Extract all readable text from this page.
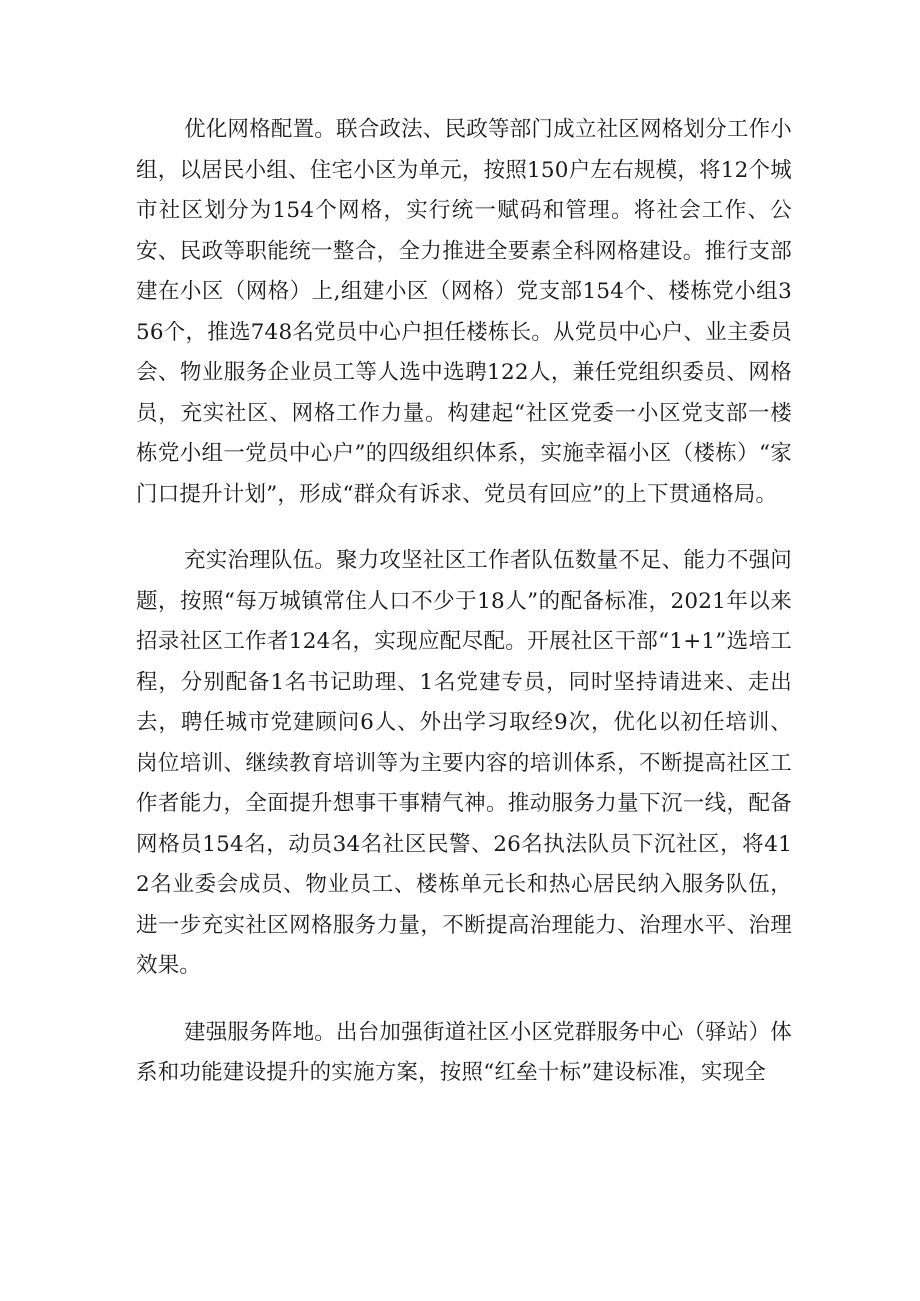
优化网格配置。联合政法、民政等部门成立社区网格划分工作小组，以居民小组、住宅小区为单元，按照150户左右规模，将12个城市社区划分为154个网格，实行统一赋码和管理。将社会工作、公安、民政等职能统一整合，全力推进全要素全科网格建设。推行支部建在小区（网格）上,组建小区（网格）党支部154个、楼栋党小组356个，推选748名党员中心户担任楼栋长。从党员中心户、业主委员会、物业服务企业员工等人选中选聘122人，兼任党组织委员、网格员，充实社区、网格工作力量。构建起“社区党委一小区党支部一楼栋党小组一党员中心户”的四级组织体系，实施幸福小区（楼栋）“家门口提升计划”，形成“群众有诉求、党员有回应”的上下贯通格局。

充实治理队伍。聚力攻坚社区工作者队伍数量不足、能力不强问题，按照“每万城镇常住人口不少于18人”的配备标准，2021年以来招录社区工作者124名，实现应配尽配。开展社区干部“1+1”选培工程，分别配备1名书记助理、1名党建专员，同时坚持请进来、走出去，聘任城市党建顾问6人、外出学习取经9次，优化以初任培训、岗位培训、继续教育培训等为主要内容的培训体系，不断提高社区工作者能力，全面提升想事干事精气神。推动服务力量下沉一线，配备网格员154名，动员34名社区民警、26名执法队员下沉社区，将412名业委会成员、物业员工、楼栋单元长和热心居民纳入服务队伍，进一步充实社区网格服务力量，不断提高治理能力、治理水平、治理效果。

建强服务阵地。出台加强街道社区小区党群服务中心（驿站）体系和功能建设提升的实施方案，按照“红垒十标”建设标准，实现全
